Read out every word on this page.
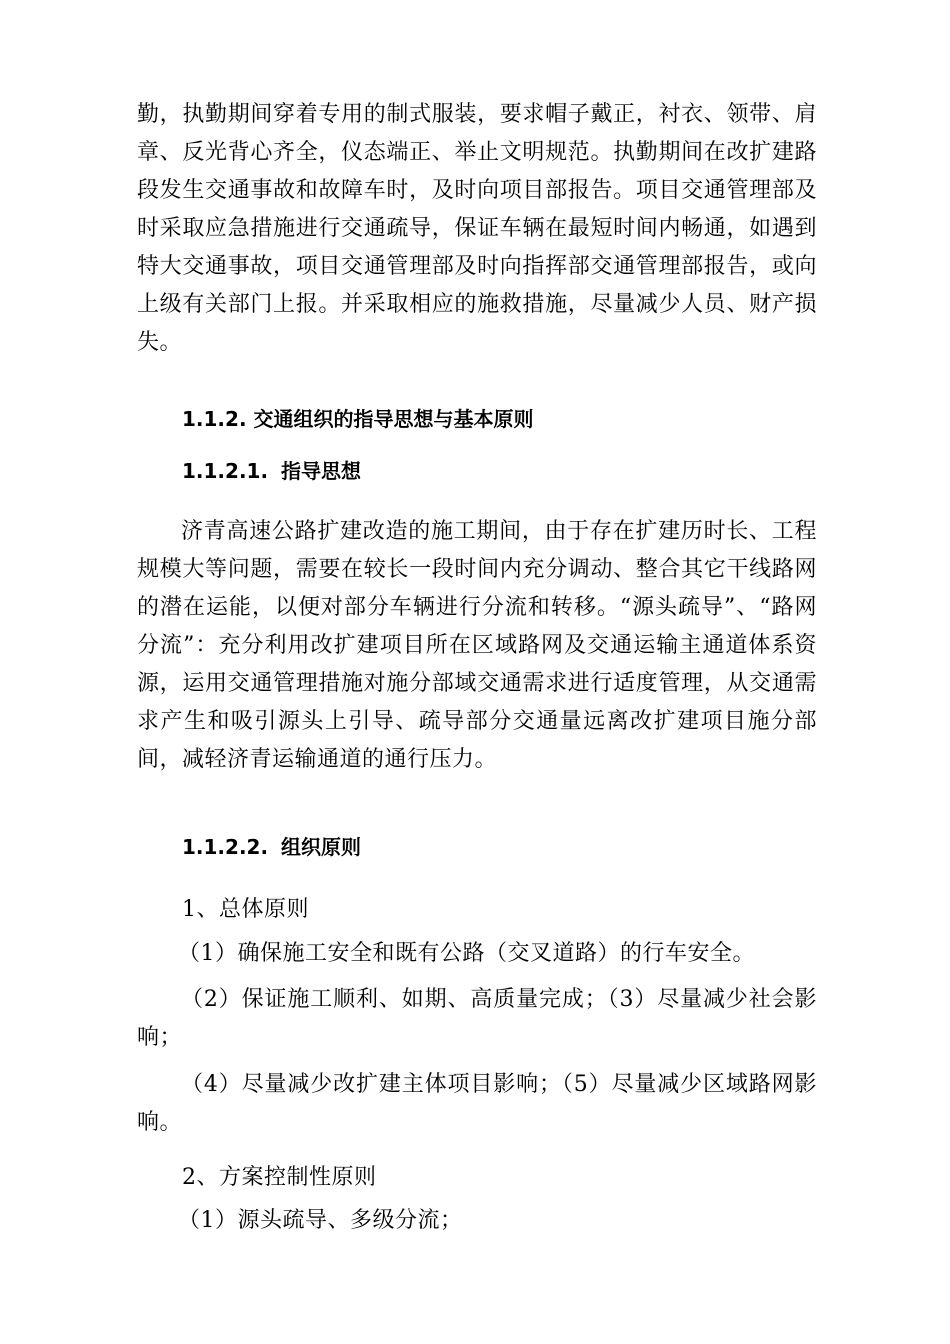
勤，执勤期间穿着专用的制式服装，要求帽子戴正，衬衣、领带、肩章、反光背心齐全，仪态端正、举止文明规范。执勤期间在改扩建路段发生交通事故和故障车时，及时向项目部报告。项目交通管理部及时采取应急措施进行交通疏导，保证车辆在最短时间内畅通，如遇到特大交通事故，项目交通管理部及时向指挥部交通管理部报告，或向上级有关部门上报。并采取相应的施救措施，尽量减少人员、财产损失。

1.1.2. 交通组织的指导思想与基本原则
1.1.2.1. 指导思想

济青高速公路扩建改造的施工期间，由于存在扩建历时长、工程规模大等问题，需要在较长一段时间内充分调动、整合其它干线路网的潜在运能，以便对部分车辆进行分流和转移。“源头疏导”、“路网分流”：充分利用改扩建项目所在区域路网及交通运输主通道体系资源，运用交通管理措施对施分部域交通需求进行适度管理，从交通需求产生和吸引源头上引导、疏导部分交通量远离改扩建项目施分部间，减轻济青运输通道的通行压力。

1.1.2.2. 组织原则

1、总体原则

（1）确保施工安全和既有公路（交叉道路）的行车安全。

（2）保证施工顺利、如期、高质量完成；（3）尽量减少社会影响；

（4）尽量减少改扩建主体项目影响；（5）尽量减少区域路网影响。

2、方案控制性原则

（1）源头疏导、多级分流；
